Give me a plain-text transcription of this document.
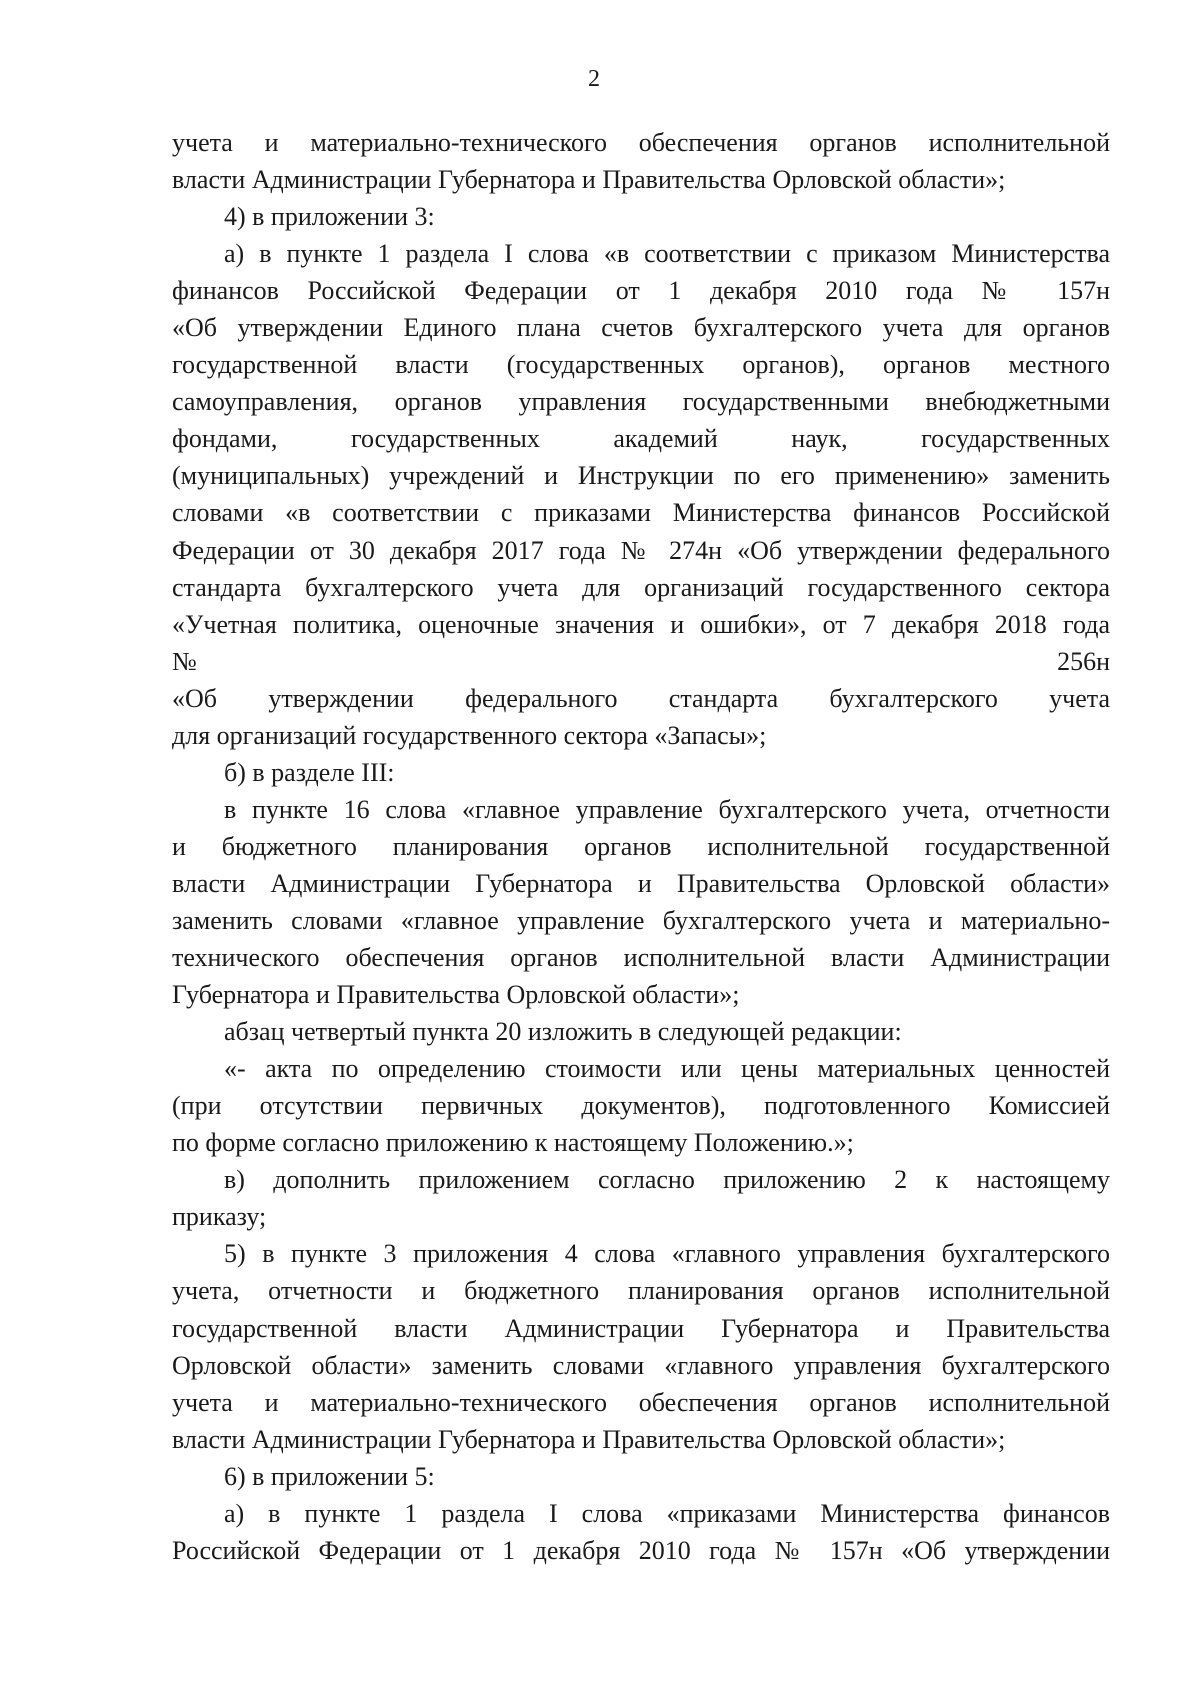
2
учета и материально-технического обеспечения органов исполнительной
власти Администрации Губернатора и Правительства Орловской области»;
4) в приложении 3:
а) в пункте 1 раздела I слова «в соответствии с приказом Министерства
финансов Российской Федерации от 1 декабря 2010 года № 157н
«Об утверждении Единого плана счетов бухгалтерского учета для органов
государственной власти (государственных органов), органов местного
самоуправления, органов управления государственными внебюджетными
фондами, государственных академий наук, государственных
(муниципальных) учреждений и Инструкции по его применению» заменить
словами «в соответствии с приказами Министерства финансов Российской
Федерации от 30 декабря 2017 года № 274н «Об утверждении федерального
стандарта бухгалтерского учета для организаций государственного сектора
«Учетная политика, оценочные значения и ошибки», от 7 декабря 2018 года
№ 256н
«Об утверждении федерального стандарта бухгалтерского учета
для организаций государственного сектора «Запасы»;
б) в разделе III:
в пункте 16 слова «главное управление бухгалтерского учета, отчетности
и бюджетного планирования органов исполнительной государственной
власти Администрации Губернатора и Правительства Орловской области»
заменить словами «главное управление бухгалтерского учета и материально-
технического обеспечения органов исполнительной власти Администрации
Губернатора и Правительства Орловской области»;
абзац четвертый пункта 20 изложить в следующей редакции:
«- акта по определению стоимости или цены материальных ценностей
(при отсутствии первичных документов), подготовленного Комиссией
по форме согласно приложению к настоящему Положению.»;
в) дополнить приложением согласно приложению 2 к настоящему
приказу;
5) в пункте 3 приложения 4 слова «главного управления бухгалтерского
учета, отчетности и бюджетного планирования органов исполнительной
государственной власти Администрации Губернатора и Правительства
Орловской области» заменить словами «главного управления бухгалтерского
учета и материально-технического обеспечения органов исполнительной
власти Администрации Губернатора и Правительства Орловской области»;
6) в приложении 5:
а) в пункте 1 раздела I слова «приказами Министерства финансов
Российской Федерации от 1 декабря 2010 года № 157н «Об утверждении
